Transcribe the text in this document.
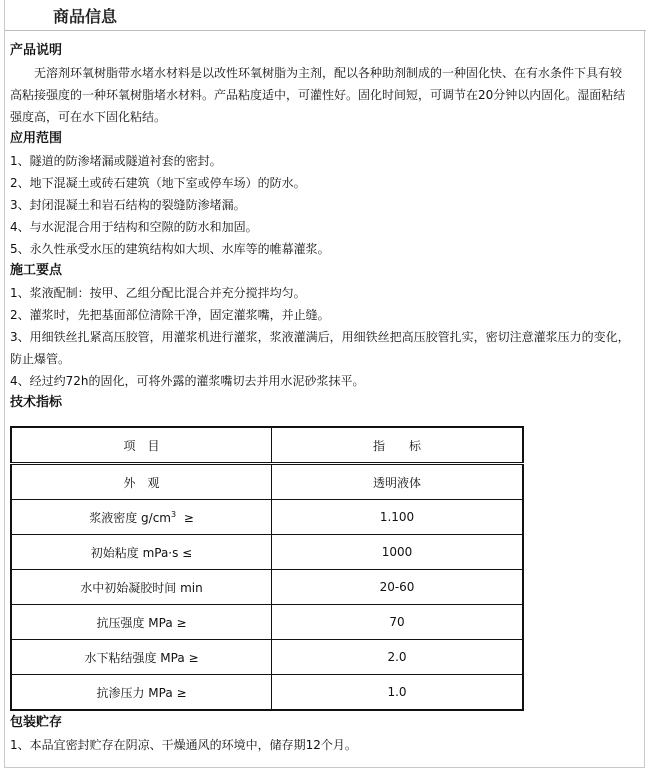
商品信息
产品说明
无溶剂环氧树脂带水堵水材料是以改性环氧树脂为主剂，配以各种助剂制成的一种固化快、在有水条件下具有较高粘接强度的一种环氧树脂堵水材料。产品粘度适中，可灌性好。固化时间短，可调节在20分钟以内固化。湿面粘结强度高，可在水下固化粘结。
应用范围
1、隧道的防渗堵漏或隧道衬套的密封。
2、地下混凝土或砖石建筑（地下室或停车场）的防水。
3、封闭混凝土和岩石结构的裂缝防渗堵漏。
4、与水泥混合用于结构和空隙的防水和加固。
5、永久性承受水压的建筑结构如大坝、水库等的帷幕灌浆。
施工要点
1、浆液配制：按甲、乙组分配比混合并充分搅拌均匀。
2、灌浆时，先把基面部位清除干净，固定灌浆嘴，并止缝。
3、用细铁丝扎紧高压胶管，用灌浆机进行灌浆，浆液灌满后，用细铁丝把高压胶管扎实，密切注意灌浆压力的变化，防止爆管。
4、经过约72h的固化，可将外露的灌浆嘴切去并用水泥砂浆抹平。
技术指标
项　目	指　　标
外　观	透明液体
浆液密度 $g/cm^3$  ≥	1.100
初始粘度 mPa·s ≤	1000
水中初始凝胶时间 min	20-60
抗压强度 MPa ≥	70
水下粘结强度 MPa ≥	2.0
抗渗压力 MPa ≥	1.0
包装贮存
1、本品宜密封贮存在阴凉、干燥通风的环境中，储存期12个月。
